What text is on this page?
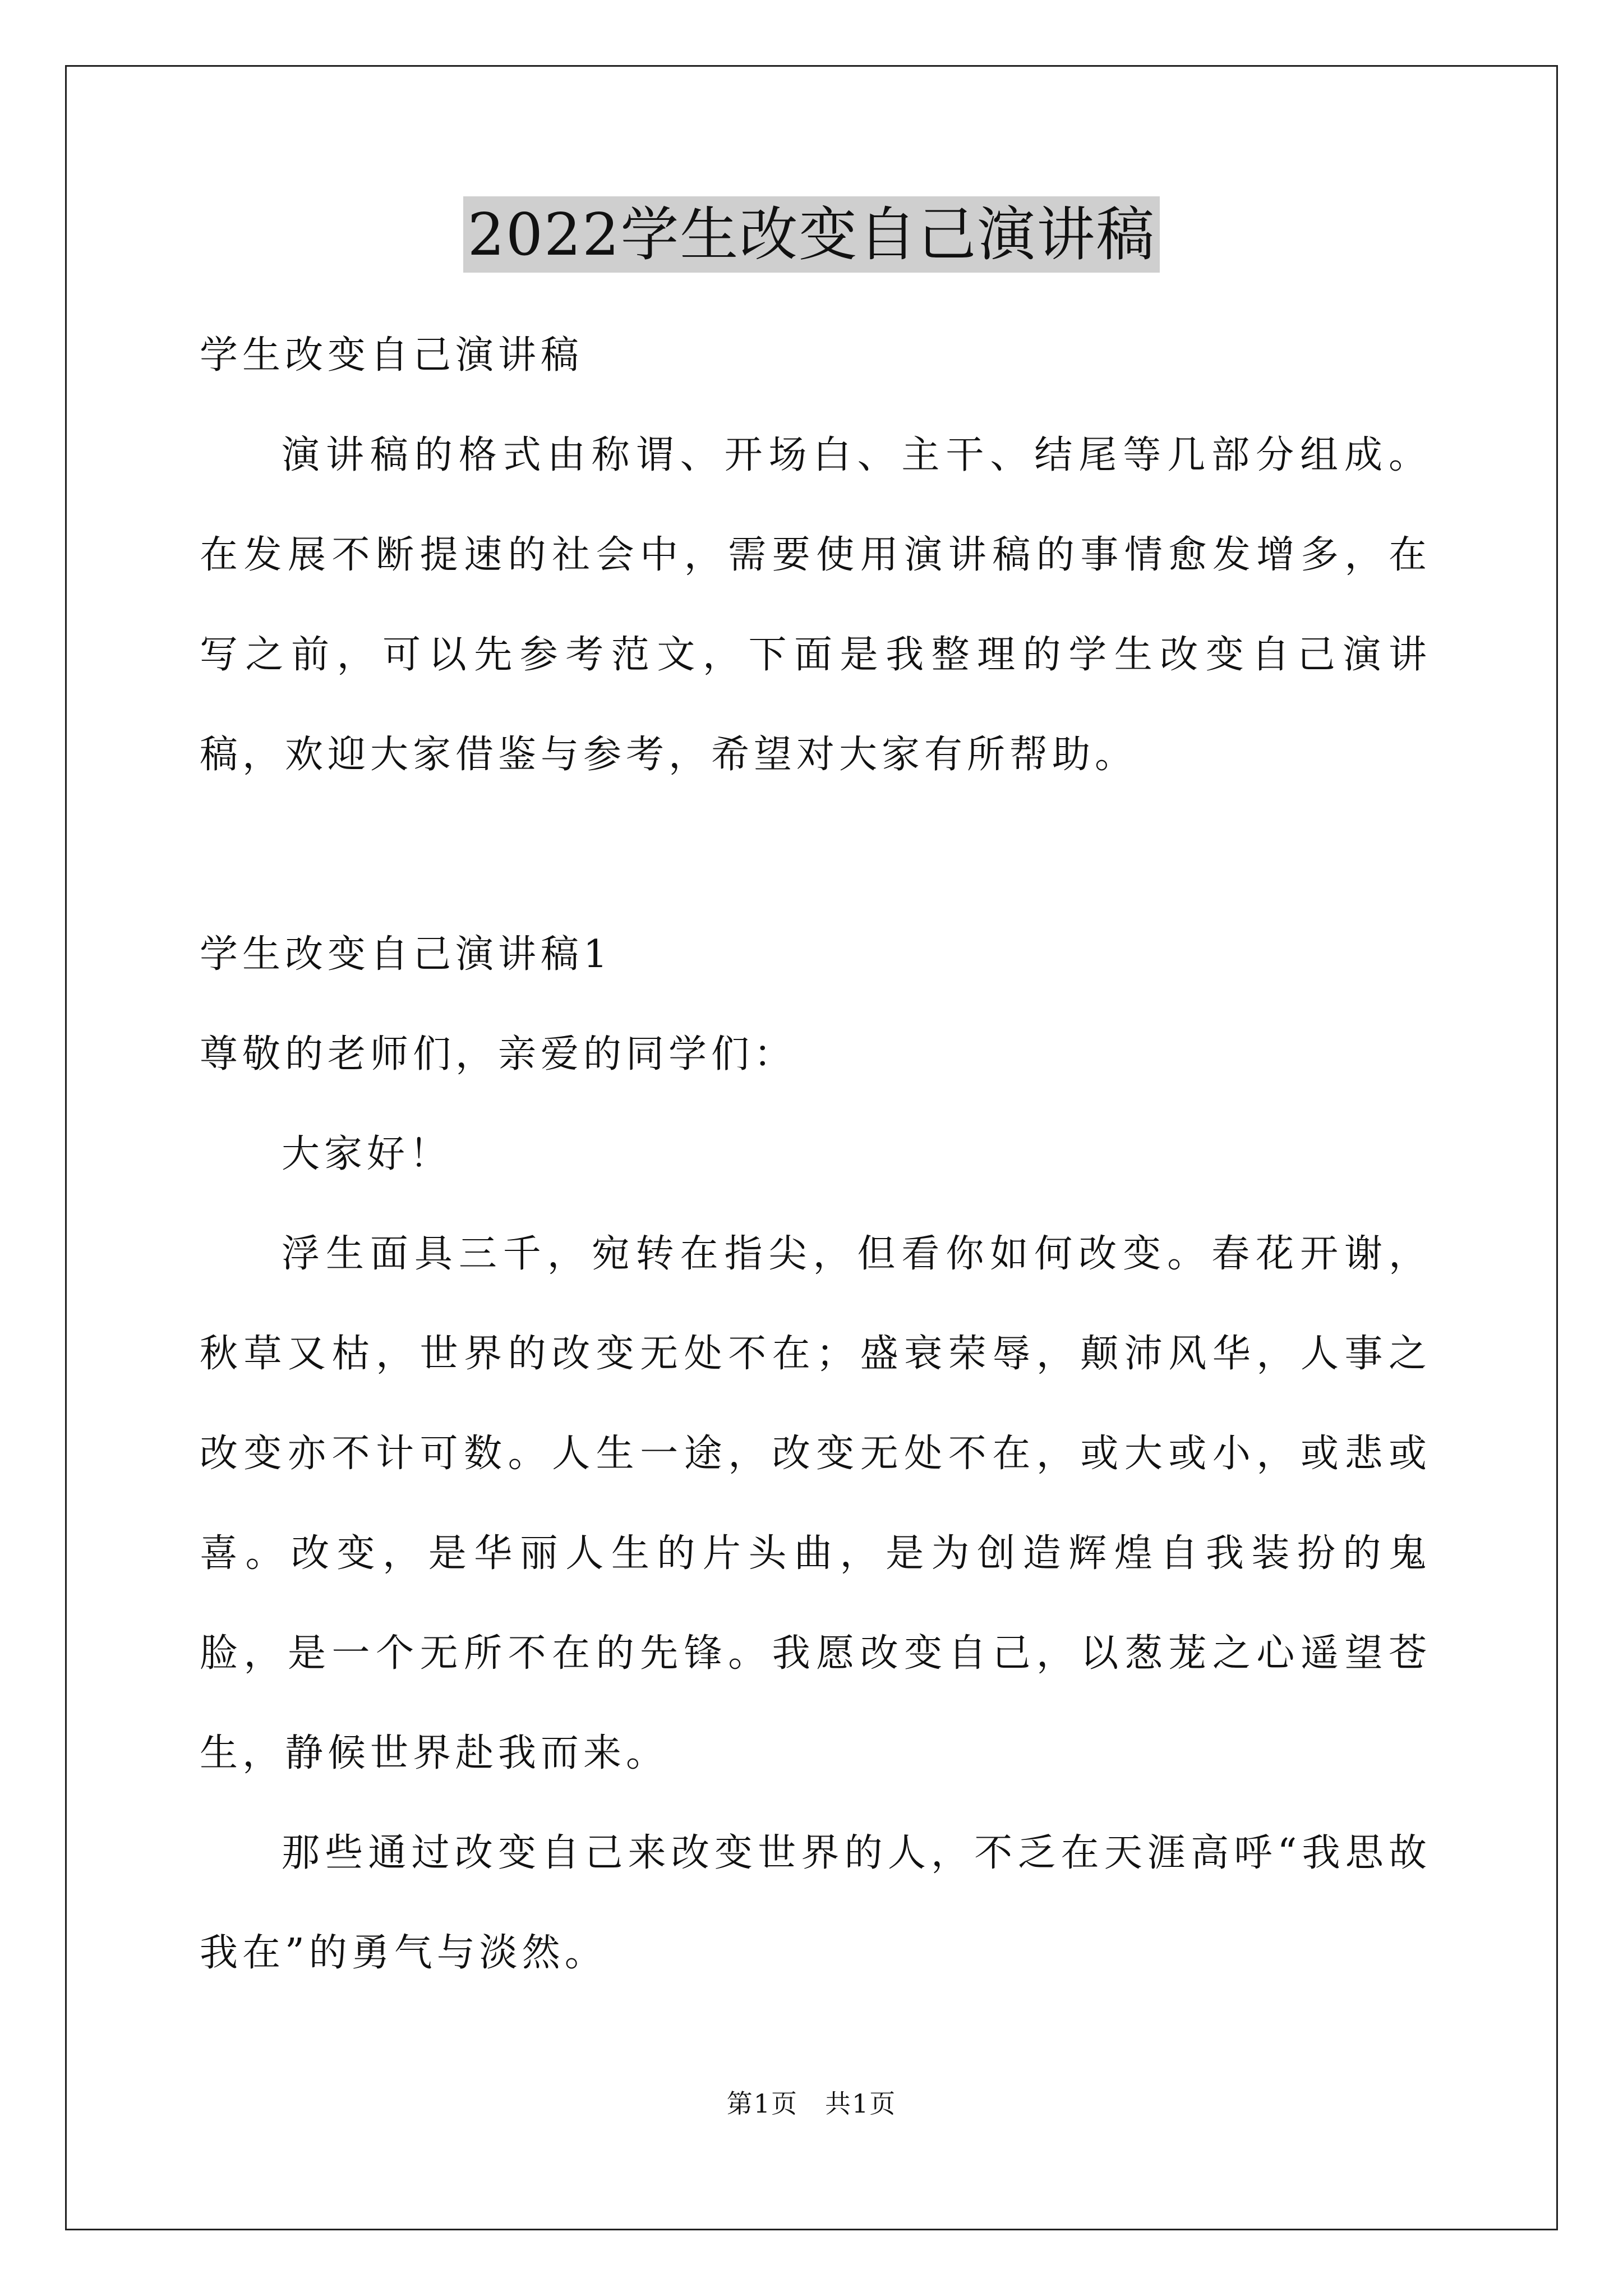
2022学生改变自己演讲稿

学生改变自己演讲稿

演讲稿的格式由称谓、开场白、主干、结尾等几部分组成。在发展不断提速的社会中，需要使用演讲稿的事情愈发增多，在写之前，可以先参考范文，下面是我整理的学生改变自己演讲稿，欢迎大家借鉴与参考，希望对大家有所帮助。

学生改变自己演讲稿1

尊敬的老师们，亲爱的同学们：

大家好！

浮生面具三千，宛转在指尖，但看你如何改变。春花开谢，秋草又枯，世界的改变无处不在；盛衰荣辱，颠沛风华，人事之改变亦不计可数。人生一途，改变无处不在，或大或小，或悲或喜。改变，是华丽人生的片头曲，是为创造辉煌自我装扮的鬼脸，是一个无所不在的先锋。我愿改变自己，以葱茏之心遥望苍生，静候世界赴我而来。

那些通过改变自己来改变世界的人，不乏在天涯高呼“我思故我在”的勇气与淡然。

第1页　共1页
